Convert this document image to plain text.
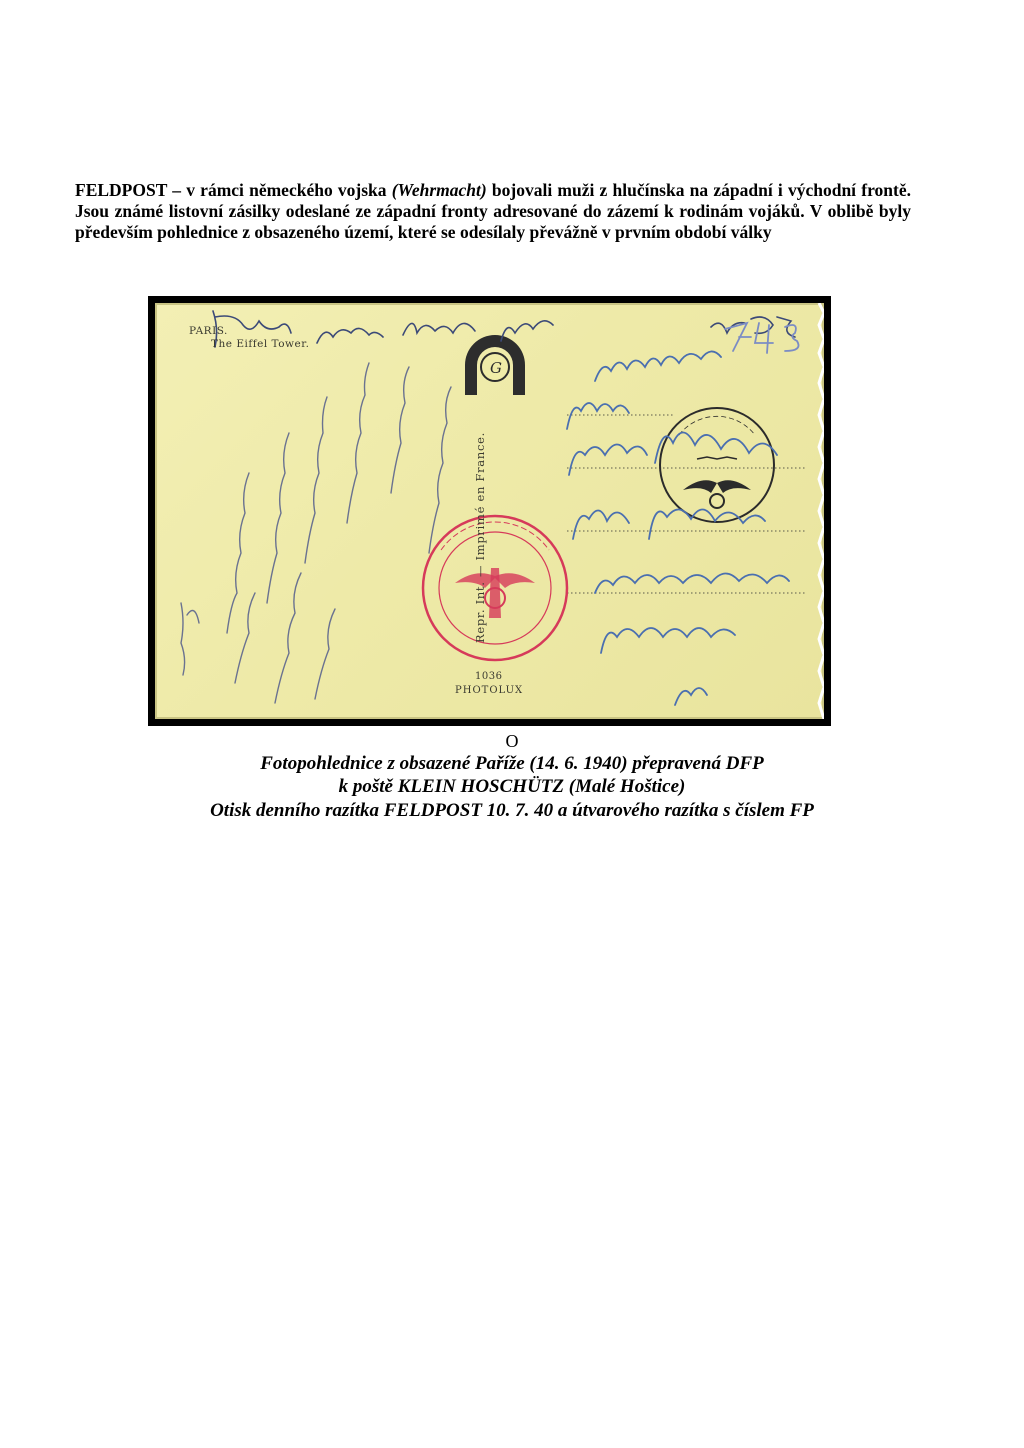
FELDPOST – v rámci německého vojska (Wehrmacht) bojovali muži z hlučínska na západní i východní frontě. Jsou známé listovní zásilky odeslané ze západní fronty adresované do zázemí k rodinám vojáků. V oblibě byly především pohlednice z obsazeného území, které se odesílaly převážně v prvním období války

G
PARIS.
The Eiffel Tower.
Repr. Int. — Imprimé en France.
1036
PHOTOLUX

O

Fotopohlednice z obsazené Paříže (14. 6. 1940) přepravená DFP

k poště KLEIN HOSCHÜTZ (Malé Hoštice)

Otisk denního razítka FELDPOST 10. 7. 40 a útvarového razítka s číslem FP
